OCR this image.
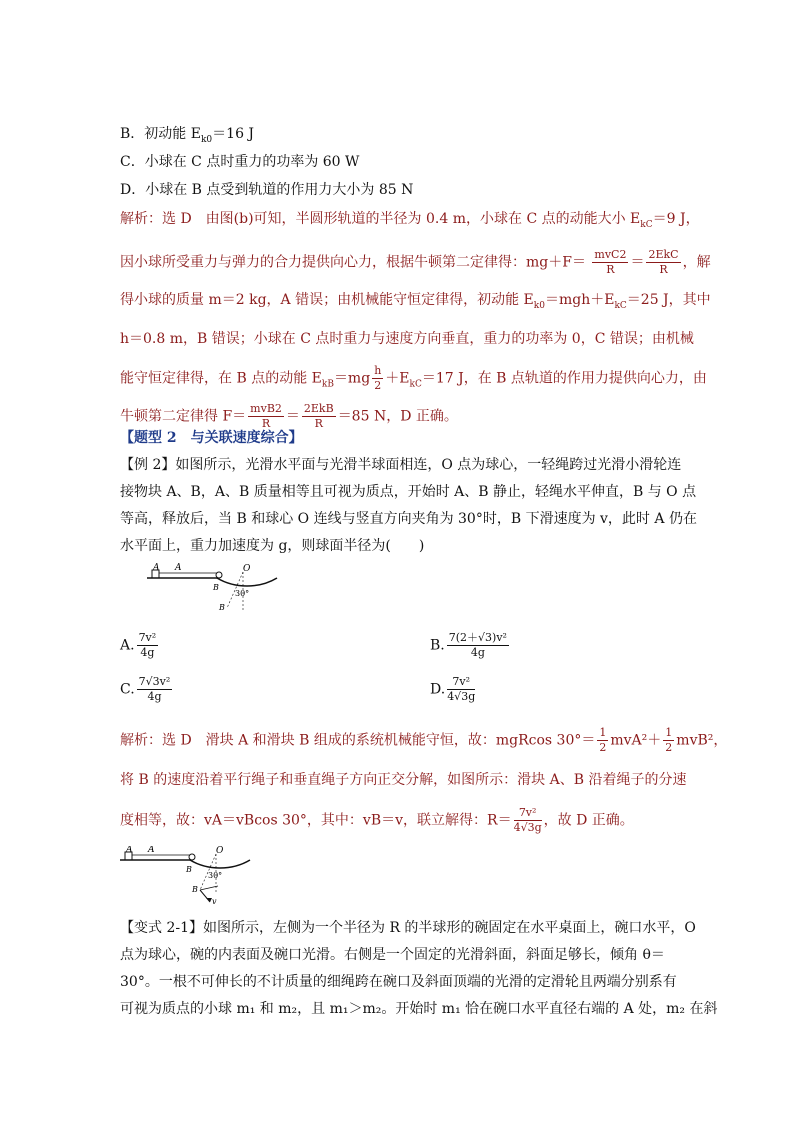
B．初动能 $E_{k0}=16$ J
C．小球在 C 点时重力的功率为 60 W
D．小球在 B 点受到轨道的作用力大小为 85 N
解析：选 D　由图(b)可知，半圆形轨道的半径为 0.4 m，小球在 C 点的动能大小 $E_{kC}=9$ J，
因小球所受重力与弹力的合力提供向心力，根据牛顿第二定律得：$mg+F= \frac{\text{mvC2}}{R} = \frac{\text{2EkC}}{R}$ ，解
得小球的质量 m＝2 kg，A 错误；由机械能守恒定律得，初动能 $E_{k0}=mgh+E_{kC}=25$ J，其中
h＝0.8 m，B 错误；小球在 C 点时重力与速度方向垂直，重力的功率为 0，C 错误；由机械
能守恒定律得，在 B 点的动能 $E_{kB}=mg \frac{h}{2} +E_{kC}=17$ J，在 B 点轨道的作用力提供向心力，由
牛顿第二定律得 $F= \frac{\text{mvB2}}{R} = \frac{\text{2EkB}}{R} =85$ N，D 正确。
【题型 2　与关联速度综合】
【例 2】如图所示，光滑水平面与光滑半球面相连，O 点为球心，一轻绳跨过光滑小滑轮连
接物块 A、B，A、B 质量相等且可视为质点，开始时 A、B 静止，轻绳水平伸直，B 与 O 点
等高，释放后，当 B 和球心 O 连线与竖直方向夹角为 30°时，B 下滑速度为 v，此时 A 仍在
水平面上，重力加速度为 g，则球面半径为(　　)
A A	O
B
B
30°
A. $\frac{\text{7v²}}{4g}$	B. $\frac{\text{7(2＋√3)v²}}{4g}$
C. $\frac{\text{7√3v²}}{4g}$	D. $\frac{\text{7v²}}{4√3g}$
解析：选 D　滑块 A 和滑块 B 组成的系统机械能守恒，故：mgRcos $30^\circ= \frac{1}{2} mvA^2+ \frac{1}{2} mvB^2$，
将 B 的速度沿着平行绳子和垂直绳子方向正交分解，如图所示：滑块 A、B 沿着绳子的分速
度相等，故：vA＝vBcos 30°，其中：vB＝v，联立解得：$R= \frac{\text{7v²}}{4√3g}$ ，故 D 正确。
A A	O
B
B
30°
v
【变式 2-1】如图所示，左侧为一个半径为 R 的半球形的碗固定在水平桌面上，碗口水平，O
点为球心，碗的内表面及碗口光滑。右侧是一个固定的光滑斜面，斜面足够长，倾角 θ＝
30°。一根不可伸长的不计质量的细绳跨在碗口及斜面顶端的光滑的定滑轮且两端分别系有
可视为质点的小球 m₁ 和 m₂，且 m₁＞m₂。开始时 m₁ 恰在碗口水平直径右端的 A 处，m₂ 在斜
